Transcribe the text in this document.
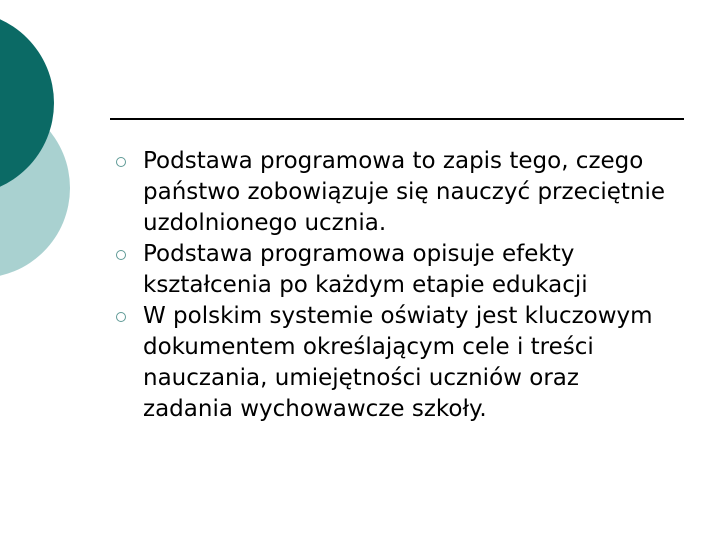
Podstawa programowa to zapis tego, czego państwo zobowiązuje się nauczyć przeciętnie uzdolnionego ucznia.
Podstawa programowa opisuje efekty kształcenia po każdym etapie edukacji
W polskim systemie oświaty jest kluczowym dokumentem określającym cele i treści nauczania, umiejętności uczniów oraz zadania wychowawcze szkoły.
